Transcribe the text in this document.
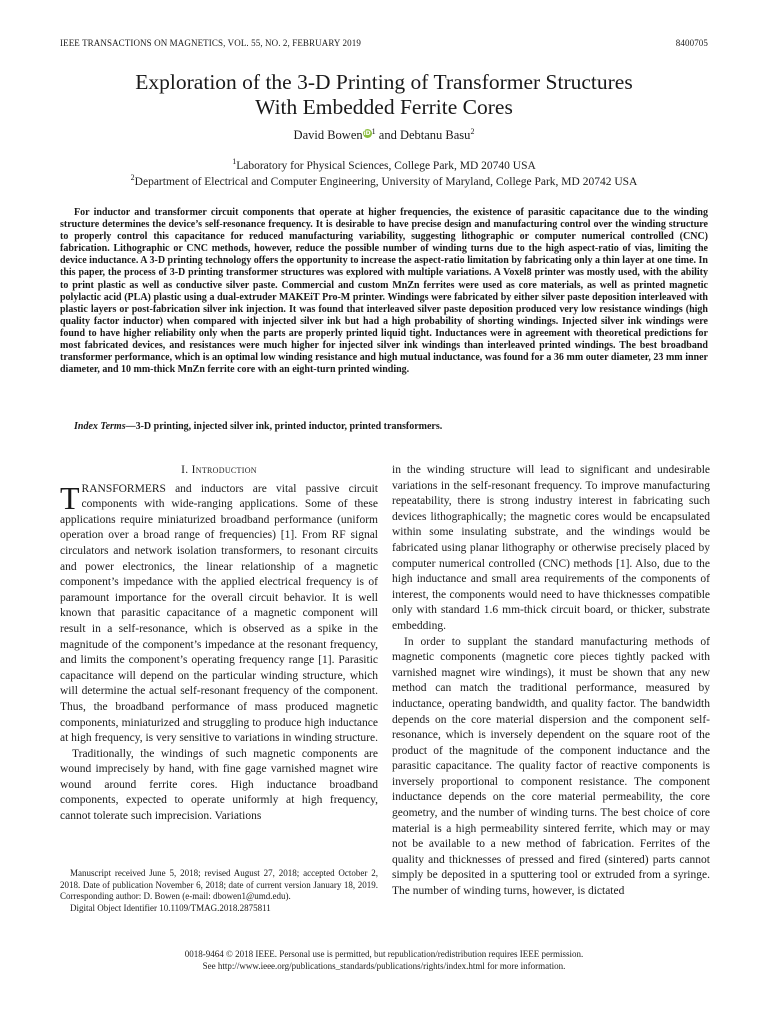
IEEE TRANSACTIONS ON MAGNETICS, VOL. 55, NO. 2, FEBRUARY 2019	8400705
Exploration of the 3-D Printing of Transformer Structures
With Embedded Ferrite Cores
David BoweniD$^1$ and Debtanu Basu$^2$
$^1$Laboratory for Physical Sciences, College Park, MD 20740 USA
$^2$Department of Electrical and Computer Engineering, University of Maryland, College Park, MD 20742 USA

For inductor and transformer circuit components that operate at higher frequencies, the existence of parasitic capacitance due to the winding structure determines the device’s self-resonance frequency. It is desirable to have precise design and manufacturing control over the winding structure to properly control this capacitance for reduced manufacturing variability, suggesting lithographic or computer numerical controlled (CNC) fabrication. Lithographic or CNC methods, however, reduce the possible number of winding turns due to the high aspect-ratio of vias, limiting the device inductance. A 3-D printing technology offers the opportunity to increase the aspect-ratio limitation by fabricating only a thin layer at one time. In this paper, the process of 3-D printing transformer structures was explored with multiple variations. A Voxel8 printer was mostly used, with the ability to print plastic as well as conductive silver paste. Commercial and custom MnZn ferrites were used as core materials, as well as printed magnetic polylactic acid (PLA) plastic using a dual-extruder MAKEiT Pro-M printer. Windings were fabricated by either silver paste deposition interleaved with plastic layers or post-fabrication silver ink injection. It was found that interleaved silver paste deposition produced very low resistance windings (high quality factor inductor) when compared with injected silver ink but had a high probability of shorting windings. Injected silver ink windings were found to have higher reliability only when the parts are properly printed liquid tight. Inductances were in agreement with theoretical predictions for most fabricated devices, and resistances were much higher for injected silver ink windings than interleaved printed windings. The best broadband transformer performance, which is an optimal low winding resistance and high mutual inductance, was found for a 36 mm outer diameter, 23 mm inner diameter, and 10 mm-thick MnZn ferrite core with an eight-turn printed winding.

Index Terms—3-D printing, injected silver ink, printed inductor, printed transformers.

I. Introduction

TRANSFORMERS and inductors are vital passive circuit components with wide-ranging applications. Some of these applications require miniaturized broadband performance (uniform operation over a broad range of frequencies) [1]. From RF signal circulators and network isolation transformers, to resonant circuits and power electronics, the linear relationship of a magnetic component’s impedance with the applied electrical frequency is of paramount importance for the overall circuit behavior. It is well known that parasitic capacitance of a magnetic component will result in a self-resonance, which is observed as a spike in the magnitude of the component’s impedance at the resonant frequency, and limits the component’s operating frequency range [1]. Parasitic capacitance will depend on the particular winding structure, which will determine the actual self-resonant frequency of the component. Thus, the broadband performance of mass produced magnetic components, miniaturized and struggling to produce high inductance at high frequency, is very sensitive to variations in winding structure.

Traditionally, the windings of such magnetic components are wound imprecisely by hand, with fine gage varnished magnet wire wound around ferrite cores. High inductance broadband components, expected to operate uniformly at high frequency, cannot tolerate such imprecision. Variations

in the winding structure will lead to significant and undesirable variations in the self-resonant frequency. To improve manufacturing repeatability, there is strong industry interest in fabricating such devices lithographically; the magnetic cores would be encapsulated within some insulating substrate, and the windings would be fabricated using planar lithography or otherwise precisely placed by computer numerical controlled (CNC) methods [1]. Also, due to the high inductance and small area requirements of the components of interest, the components would need to have thicknesses compatible only with standard 1.6 mm-thick circuit board, or thicker, substrate embedding.

In order to supplant the standard manufacturing methods of magnetic components (magnetic core pieces tightly packed with varnished magnet wire windings), it must be shown that any new method can match the traditional performance, measured by inductance, operating bandwidth, and quality factor. The bandwidth depends on the core material dispersion and the component self-resonance, which is inversely dependent on the square root of the product of the magnitude of the component inductance and the parasitic capacitance. The quality factor of reactive components is inversely proportional to component resistance. The component inductance depends on the core material permeability, the core geometry, and the number of winding turns. The best choice of core material is a high permeability sintered ferrite, which may or may not be available to a new method of fabrication. Ferrites of the quality and thicknesses of pressed and fired (sintered) parts cannot simply be deposited in a sputtering tool or extruded from a syringe. The number of winding turns, however, is dictated

Manuscript received June 5, 2018; revised August 27, 2018; accepted October 2, 2018. Date of publication November 6, 2018; date of current version January 18, 2019. Corresponding author: D. Bowen (e-mail: dbowen1@umd.edu).

Digital Object Identifier 10.1109/TMAG.2018.2875811

0018-9464 © 2018 IEEE. Personal use is permitted, but republication/redistribution requires IEEE permission.
See http://www.ieee.org/publications_standards/publications/rights/index.html for more information.
